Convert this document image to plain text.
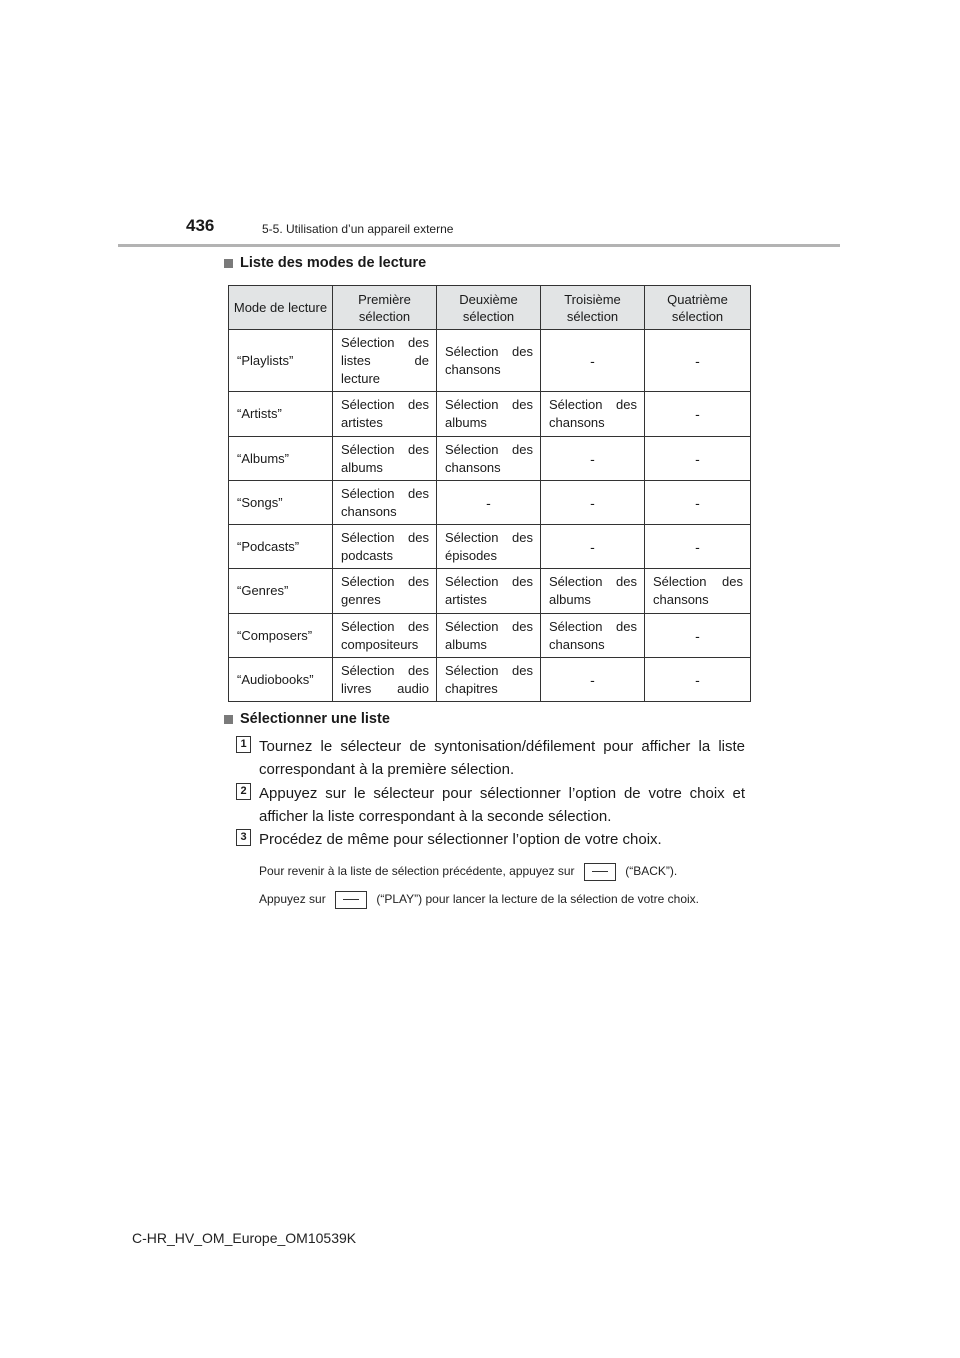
436	5-5. Utilisation d’un appareil externe
Liste des modes de lecture
Mode de lecture	Première sélection	Deuxième sélection	Troisième sélection	Quatrième sélection
“Playlists”	Sélection des listes de lecture	Sélection des chansons	-	-
“Artists”	Sélection des artistes	Sélection des albums	Sélection des chansons	-
“Albums”	Sélection des albums	Sélection des chansons	-	-
“Songs”	Sélection des chansons	-	-	-
“Podcasts”	Sélection des podcasts	Sélection des épisodes	-	-
“Genres”	Sélection des genres	Sélection des artistes	Sélection des albums	Sélection des chansons
“Composers”	Sélection des compositeurs	Sélection des albums	Sélection des chansons	-
“Audiobooks”	Sélection des livres audio	Sélection des chapitres	-	-
Sélectionner une liste
1 Tournez le sélecteur de syntonisation/défilement pour afficher la liste correspondant à la première sélection.
2 Appuyez sur le sélecteur pour sélectionner l’option de votre choix et afficher la liste correspondant à la seconde sélection.
3 Procédez de même pour sélectionner l’option de votre choix.
Pour revenir à la liste de sélection précédente, appuyez sur	(“BACK”).
Appuyez sur	(“PLAY”) pour lancer la lecture de la sélection de votre choix.
C-HR_HV_OM_Europe_OM10539K
